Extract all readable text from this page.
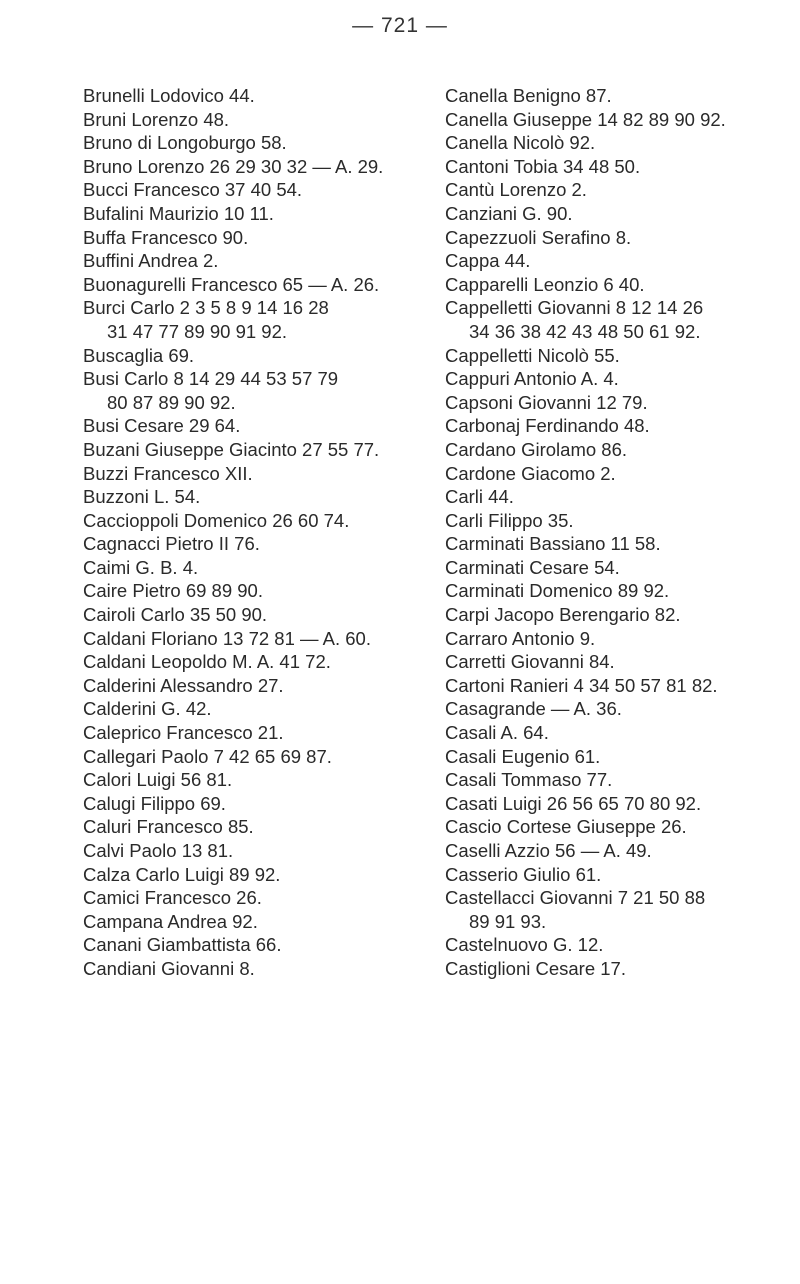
— 721 —
Brunelli Lodovico 44.
Bruni Lorenzo 48.
Bruno di Longoburgo 58.
Bruno Lorenzo 26 29 30 32 — A. 29.
Bucci Francesco 37 40 54.
Bufalini Maurizio 10 11.
Buffa Francesco 90.
Buffini Andrea 2.
Buonagurelli Francesco 65 — A. 26.
Burci Carlo 2 3 5 8 9 14 16 28
31 47 77 89 90 91 92.
Buscaglia 69.
Busi Carlo 8 14 29 44 53 57 79
80 87 89 90 92.
Busi Cesare 29 64.
Buzani Giuseppe Giacinto 27 55 77.
Buzzi Francesco XII.
Buzzoni L. 54.
Caccioppoli Domenico 26 60 74.
Cagnacci Pietro II 76.
Caimi G. B. 4.
Caire Pietro 69 89 90.
Cairoli Carlo 35 50 90.
Caldani Floriano 13 72 81 — A. 60.
Caldani Leopoldo M. A. 41 72.
Calderini Alessandro 27.
Calderini G. 42.
Caleprico Francesco 21.
Callegari Paolo 7 42 65 69 87.
Calori Luigi 56 81.
Calugi Filippo 69.
Caluri Francesco 85.
Calvi Paolo 13 81.
Calza Carlo Luigi 89 92.
Camici Francesco 26.
Campana Andrea 92.
Canani Giambattista 66.
Candiani Giovanni 8.
Canella Benigno 87.
Canella Giuseppe 14 82 89 90 92.
Canella Nicolò 92.
Cantoni Tobia 34 48 50.
Cantù Lorenzo 2.
Canziani G. 90.
Capezzuoli Serafino 8.
Cappa 44.
Capparelli Leonzio 6 40.
Cappelletti Giovanni 8 12 14 26
34 36 38 42 43 48 50 61 92.
Cappelletti Nicolò 55.
Cappuri Antonio A. 4.
Capsoni Giovanni 12 79.
Carbonaj Ferdinando 48.
Cardano Girolamo 86.
Cardone Giacomo 2.
Carli 44.
Carli Filippo 35.
Carminati Bassiano 11 58.
Carminati Cesare 54.
Carminati Domenico 89 92.
Carpi Jacopo Berengario 82.
Carraro Antonio 9.
Carretti Giovanni 84.
Cartoni Ranieri 4 34 50 57 81 82.
Casagrande — A. 36.
Casali A. 64.
Casali Eugenio 61.
Casali Tommaso 77.
Casati Luigi 26 56 65 70 80 92.
Cascio Cortese Giuseppe 26.
Caselli Azzio 56 — A. 49.
Casserio Giulio 61.
Castellacci Giovanni 7 21 50 88
89 91 93.
Castelnuovo G. 12.
Castiglioni Cesare 17.
